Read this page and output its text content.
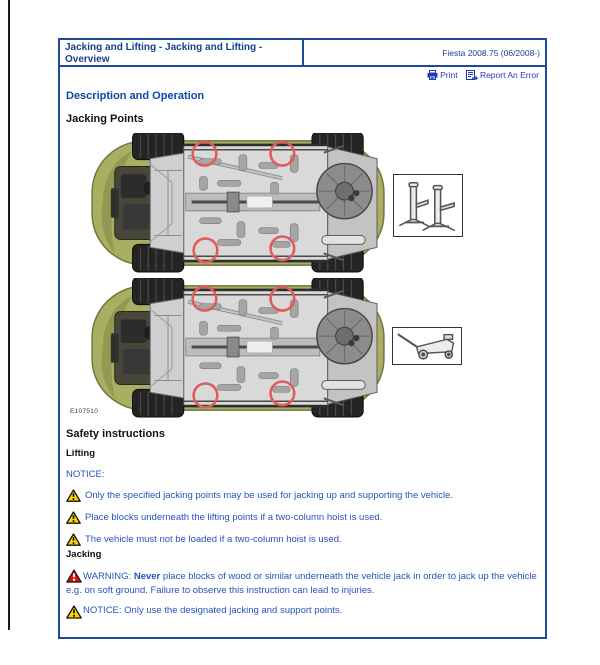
Jacking and Lifting - Jacking and Lifting - Overview
Fiesta 2008.75 (06/2008-)
Print
	Report An Error
Description and Operation
Jacking Points
E107510
Safety instructions
Lifting
NOTICE:
Only the specified jacking points may be used for jacking up and supporting the vehicle.
Place blocks underneath the lifting points if a two-column hoist is used.
The vehicle must not be loaded if a two-column hoist is used.
Jacking
WARNING: Never place blocks of wood or similar underneath the vehicle jack in order to jack up the vehicle e.g. on soft ground. Failure to observe this instruction can lead to injuries.
NOTICE: Only use the designated jacking and support points.
